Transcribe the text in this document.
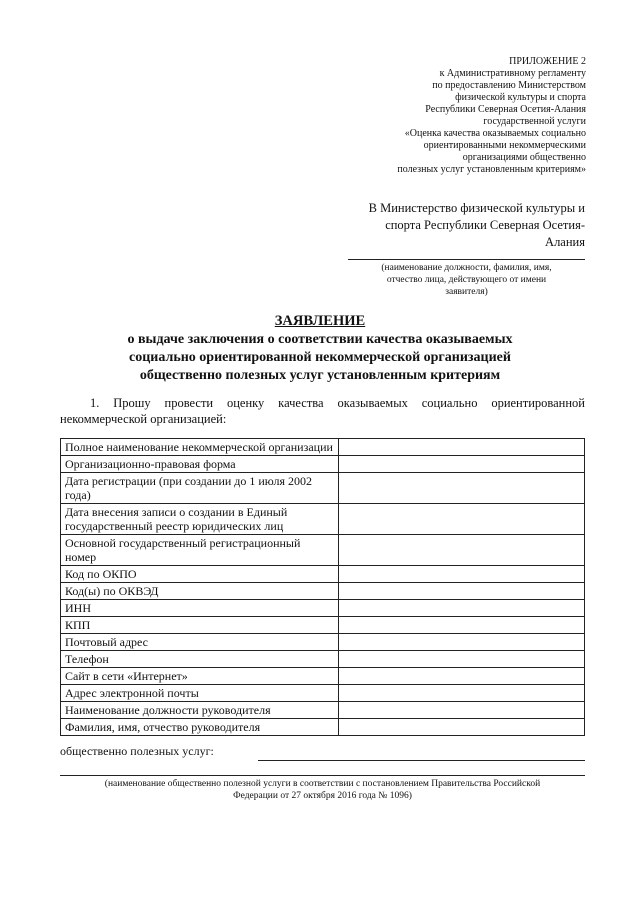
ПРИЛОЖЕНИЕ 2
к Административному регламенту
по предоставлению Министерством
физической культуры и спорта
Республики Северная Осетия-Алания
государственной услуги
«Оценка качества оказываемых социально
ориентированными некоммерческими
организациями общественно
полезных услуг установленным критериям»
В Министерство физической культуры и
спорта Республики Северная Осетия-
Алания
(наименование должности, фамилия, имя,
отчество лица, действующего от имени
заявителя)
ЗАЯВЛЕНИЕ
о выдаче заключения о соответствии качества оказываемых
социально ориентированной некоммерческой организацией
общественно полезных услуг установленным критериям
1. Прошу провести оценку качества оказываемых социально ориентированной
некоммерческой организацией:
Полное наименование некоммерческой организации	
Организационно-правовая форма	
Дата регистрации (при создании до 1 июля 2002 года)	
Дата внесения записи о создании в Единый государственный реестр юридических лиц	
Основной государственный регистрационный номер	
Код по ОКПО	
Код(ы) по ОКВЭД	
ИНН	
КПП	
Почтовый адрес	
Телефон	
Сайт в сети «Интернет»	
Адрес электронной почты	
Наименование должности руководителя	
Фамилия, имя, отчество руководителя	
общественно полезных услуг:
(наименование общественно полезной услуги в соответствии с постановлением Правительства Российской
Федерации от 27 октября 2016 года № 1096)
